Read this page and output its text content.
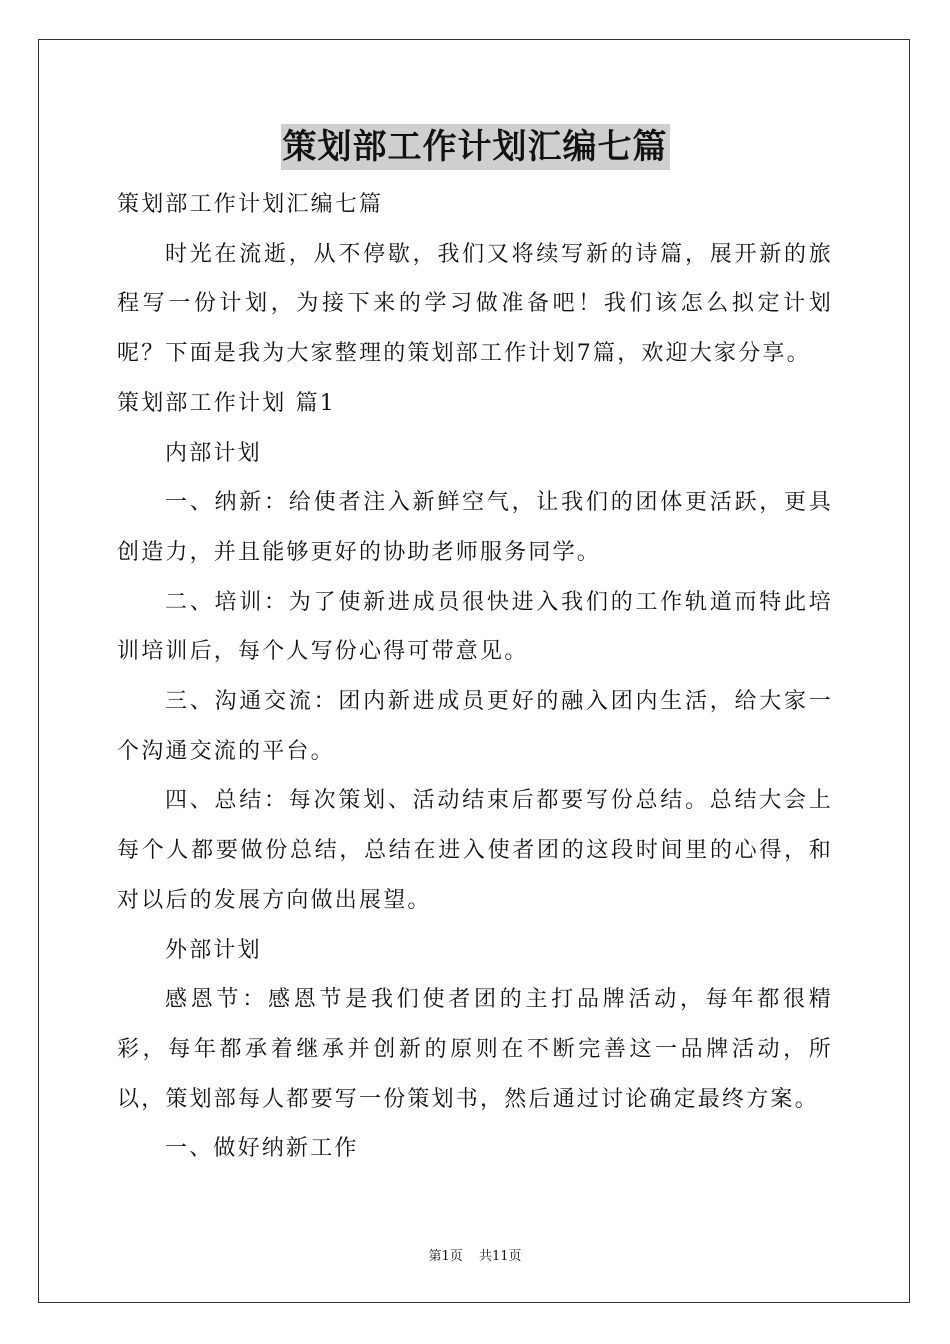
策划部工作计划汇编七篇

策划部工作计划汇编七篇

时光在流逝，从不停歇，我们又将续写新的诗篇，展开新的旅程写一份计划，为接下来的学习做准备吧！我们该怎么拟定计划呢？下面是我为大家整理的策划部工作计划7篇，欢迎大家分享。

策划部工作计划 篇1

内部计划

一、纳新：给使者注入新鲜空气，让我们的团体更活跃，更具创造力，并且能够更好的协助老师服务同学。

二、培训：为了使新进成员很快进入我们的工作轨道而特此培训培训后，每个人写份心得可带意见。

三、沟通交流：团内新进成员更好的融入团内生活，给大家一个沟通交流的平台。

四、总结：每次策划、活动结束后都要写份总结。总结大会上每个人都要做份总结，总结在进入使者团的这段时间里的心得，和对以后的发展方向做出展望。

外部计划

感恩节：感恩节是我们使者团的主打品牌活动，每年都很精彩，每年都承着继承并创新的原则在不断完善这一品牌活动，所以，策划部每人都要写一份策划书，然后通过讨论确定最终方案。

一、做好纳新工作

第1页 共11页
